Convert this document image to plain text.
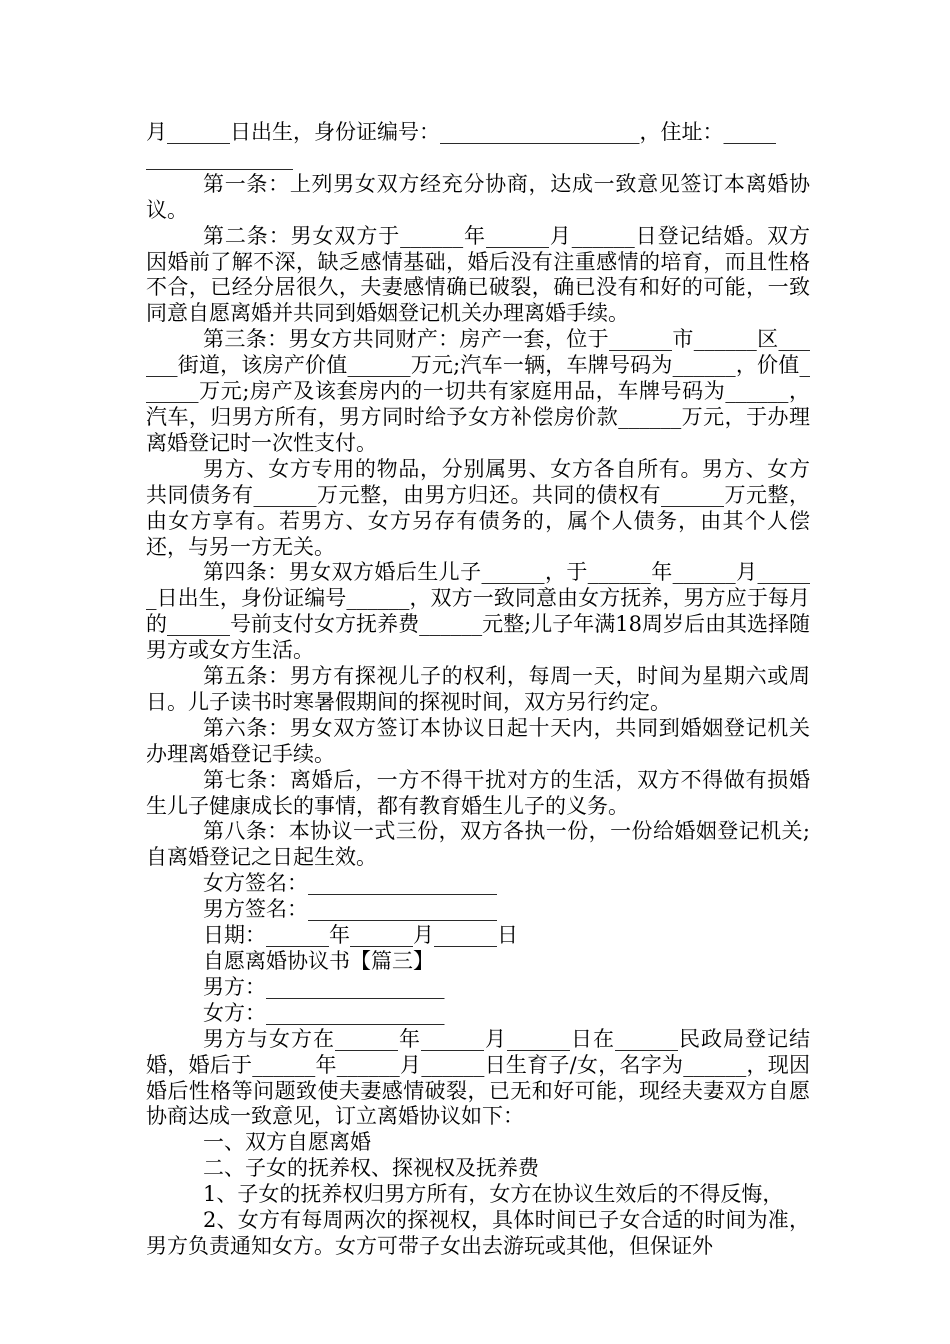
月______日出生，身份证编号：___________________，住址：_____
______________

第一条：上列男女双方经充分协商，达成一致意见签订本离婚协议。

第二条：男女双方于______年______月______日登记结婚。双方因婚前了解不深，缺乏感情基础，婚后没有注重感情的培育，而且性格不合，已经分居很久，夫妻感情确已破裂，确已没有和好的可能，一致同意自愿离婚并共同到婚姻登记机关办理离婚手续。

第三条：男女方共同财产：房产一套，位于______市______区______街道，该房产价值______万元;汽车一辆，车牌号码为______，价值______万元;房产及该套房内的一切共有家庭用品，车牌号码为______，汽车，归男方所有，男方同时给予女方补偿房价款______万元，于办理离婚登记时一次性支付。

男方、女方专用的物品，分别属男、女方各自所有。男方、女方共同债务有______万元整，由男方归还。共同的债权有______万元整，由女方享有。若男方、女方另存有债务的，属个人债务，由其个人偿还，与另一方无关。

第四条：男女双方婚后生儿子______，于______年______月______日出生，身份证编号______，双方一致同意由女方抚养，男方应于每月的______号前支付女方抚养费______元整;儿子年满18周岁后由其选择随男方或女方生活。

第五条：男方有探视儿子的权利，每周一天，时间为星期六或周日。儿子读书时寒暑假期间的探视时间，双方另行约定。

第六条：男女双方签订本协议日起十天内，共同到婚姻登记机关办理离婚登记手续。

第七条：离婚后，一方不得干扰对方的生活，双方不得做有损婚生儿子健康成长的事情，都有教育婚生儿子的义务。

第八条：本协议一式三份，双方各执一份，一份给婚姻登记机关;自离婚登记之日起生效。

女方签名：__________________

男方签名：__________________

日期：______年______月______日

自愿离婚协议书【篇三】

男方：_________________

女方：_________________

男方与女方在______年______月______日在______民政局登记结婚，婚后于______年______月______日生育子/女，名字为______，现因婚后性格等问题致使夫妻感情破裂，已无和好可能，现经夫妻双方自愿协商达成一致意见，订立离婚协议如下：

一、双方自愿离婚

二、子女的抚养权、探视权及抚养费

1、子女的抚养权归男方所有，女方在协议生效后的不得反悔，

2、女方有每周两次的探视权，具体时间已子女合适的时间为准，男方负责通知女方。女方可带子女出去游玩或其他，但保证外
